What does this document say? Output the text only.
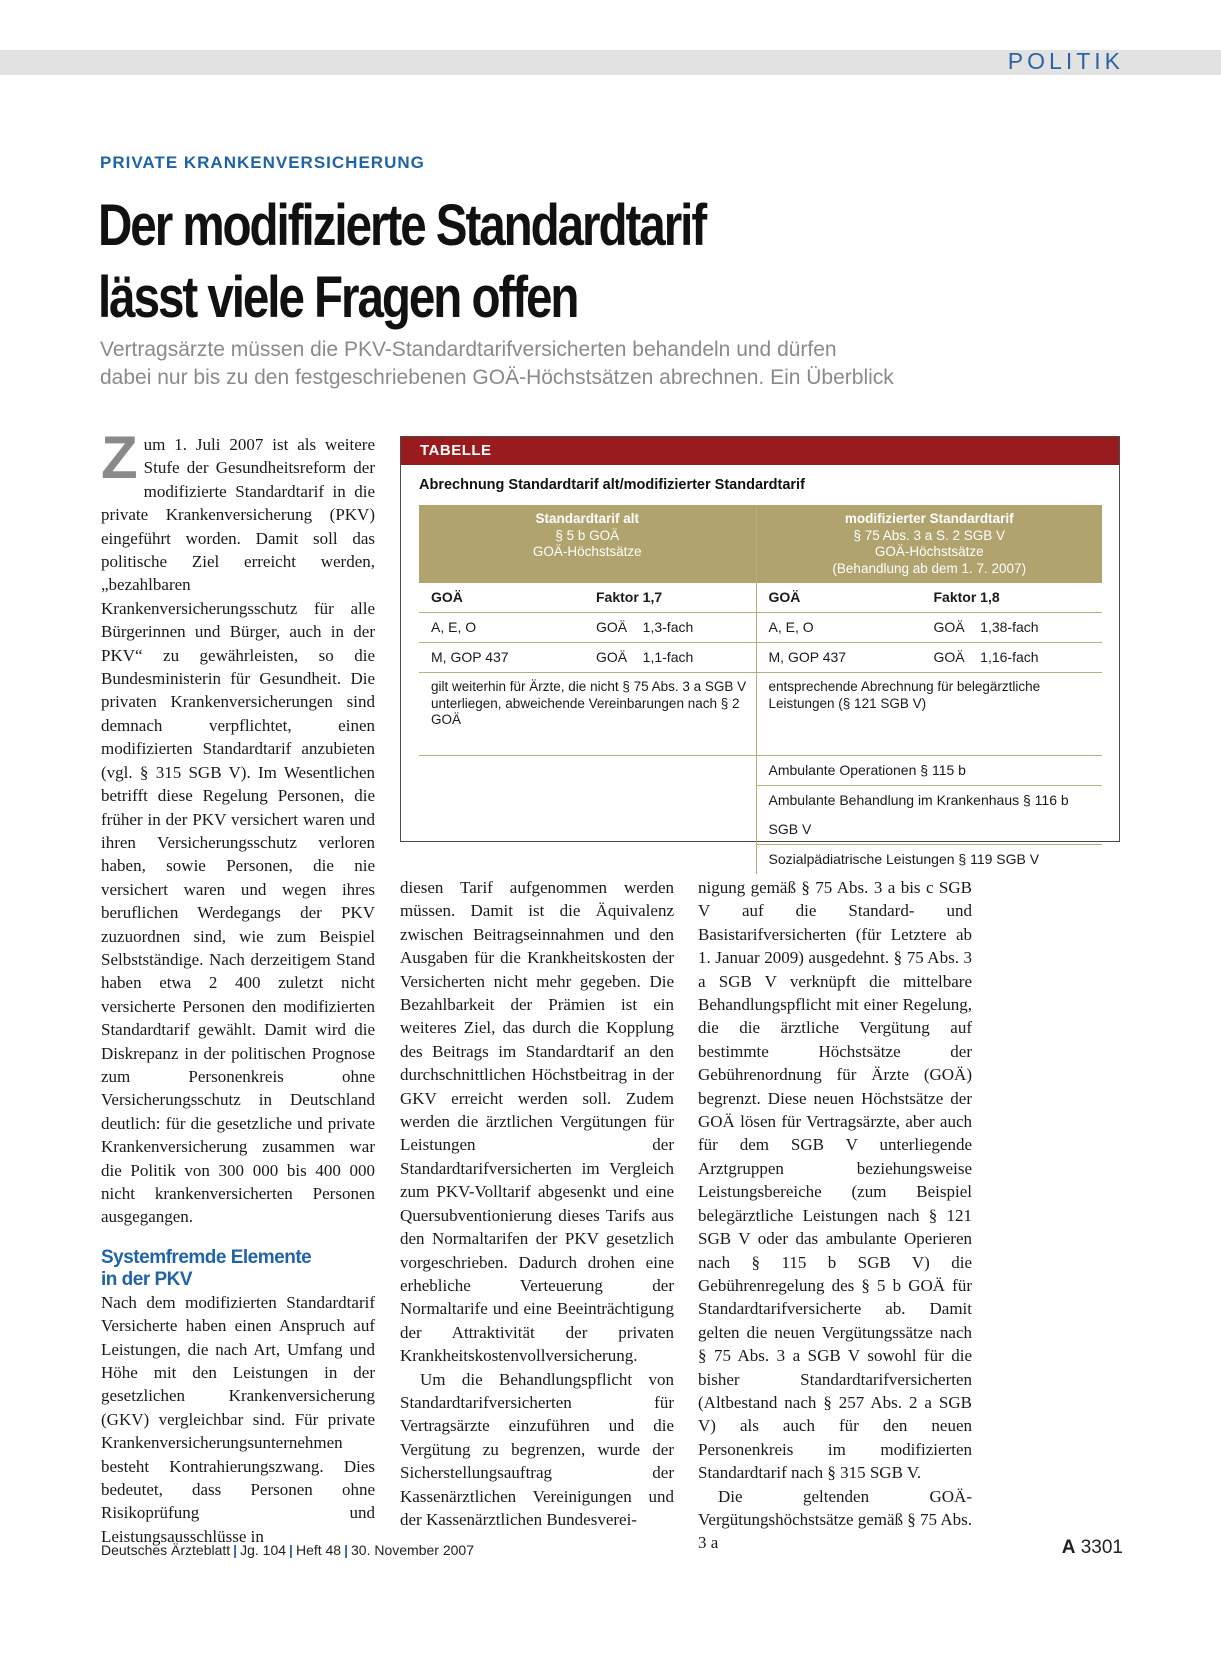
POLITIK
PRIVATE KRANKENVERSICHERUNG
Der modifizierte Standardtarif
lässt viele Fragen offen

Vertragsärzte müssen die PKV-Standardtarifversicherten behandeln und dürfen
dabei nur bis zu den festgeschriebenen GOÄ-Höchstsätzen abrechnen. Ein Überblick

Z um 1. Juli 2007 ist als weitere Stufe der Gesundheitsreform der modifizierte Standardtarif in die private Krankenversicherung (PKV) eingeführt worden. Damit soll das politische Ziel erreicht werden, „bezahlbaren Krankenversicherungsschutz für alle Bürgerinnen und Bürger, auch in der PKV“ zu gewährleisten, so die Bundesministerin für Gesundheit. Die privaten Krankenversicherungen sind demnach verpflichtet, einen modifizierten Standardtarif anzubieten (vgl. § 315 SGB V). Im Wesentlichen betrifft diese Regelung Personen, die früher in der PKV versichert waren und ihren Versicherungsschutz verloren haben, sowie Personen, die nie versichert waren und wegen ihres beruflichen Werdegangs der PKV zuzuordnen sind, wie zum Beispiel Selbstständige. Nach derzeitigem Stand haben etwa 2 400 zuletzt nicht versicherte Personen den modifizierten Standardtarif gewählt. Damit wird die Diskrepanz in der politischen Prognose zum Personenkreis ohne Versicherungsschutz in Deutschland deutlich: für die gesetzliche und private Krankenversicherung zusammen war die Politik von 300 000 bis 400 000 nicht krankenversicherten Personen ausgegangen.

Systemfremde Elemente
in der PKV

Nach dem modifizierten Standardtarif Versicherte haben einen Anspruch auf Leistungen, die nach Art, Umfang und Höhe mit den Leistungen in der gesetzlichen Krankenversicherung (GKV) vergleichbar sind. Für private Krankenversicherungsunternehmen besteht Kontrahierungszwang. Dies bedeutet, dass Personen ohne Risikoprüfung und Leistungsausschlüsse in

TABELLE
Abrechnung Standardtarif alt/modifizierter Standardtarif
Standardtarif alt
§ 5 b GOÄ
GOÄ-Höchstsätze	modifizierter Standardtarif
§ 75 Abs. 3 a S. 2 SGB V
GOÄ-Höchstsätze
(Behandlung ab dem 1. 7. 2007)

GOÄ Faktor 1,7	GOÄ Faktor 1,8

A, E, O GOÄ    1,3-fach	A, E, O GOÄ    1,38-fach

M, GOP 437 GOÄ    1,1-fach	M, GOP 437 GOÄ    1,16-fach

gilt weiterhin für Ärzte, die nicht § 75 Abs. 3 a SGB V unterliegen, abweichende Vereinbarungen nach § 2 GOÄ	entsprechende Abrechnung für belegärztliche Leistungen (§ 121 SGB V)
	Ambulante Operationen § 115 b
	Ambulante Behandlung im Krankenhaus § 116 b SGB V
	Sozialpädiatrische Leistungen § 119 SGB V

diesen Tarif aufgenommen werden müssen. Damit ist die Äquivalenz zwischen Beitragseinnahmen und den Ausgaben für die Krankheitskosten der Versicherten nicht mehr gegeben. Die Bezahlbarkeit der Prämien ist ein weiteres Ziel, das durch die Kopplung des Beitrags im Standardtarif an den durchschnittlichen Höchstbeitrag in der GKV erreicht werden soll. Zudem werden die ärztlichen Vergütungen für Leistungen der Standardtarifversicherten im Vergleich zum PKV-Volltarif abgesenkt und eine Quersubventionierung dieses Tarifs aus den Normaltarifen der PKV gesetzlich vorgeschrieben. Dadurch drohen eine erhebliche Verteuerung der Normaltarife und eine Beeinträchtigung der Attraktivität der privaten Krankheitskostenvollversicherung.

Um die Behandlungspflicht von Standardtarifversicherten für Vertragsärzte einzuführen und die Vergütung zu begrenzen, wurde der Sicherstellungsauftrag der Kassenärztlichen Vereinigungen und der Kassenärztlichen Bundesverei-

nigung gemäß § 75 Abs. 3 a bis c SGB V auf die Standard- und Basistarifversicherten (für Letztere ab 1. Januar 2009) ausgedehnt. § 75 Abs. 3 a SGB V verknüpft die mittelbare Behandlungspflicht mit einer Regelung, die die ärztliche Vergütung auf bestimmte Höchstsätze der Gebührenordnung für Ärzte (GOÄ) begrenzt. Diese neuen Höchstsätze der GOÄ lösen für Vertragsärzte, aber auch für dem SGB V unterliegende Arztgruppen beziehungsweise Leistungsbereiche (zum Beispiel belegärztliche Leistungen nach § 121 SGB V oder das ambulante Operieren nach § 115 b SGB V) die Gebührenregelung des § 5 b GOÄ für Standardtarifversicherte ab. Damit gelten die neuen Vergütungssätze nach § 75 Abs. 3 a SGB V sowohl für die bisher Standardtarifversicherten (Altbestand nach § 257 Abs. 2 a SGB V) als auch für den neuen Personenkreis im modifizierten Standardtarif nach § 315 SGB V.

Die geltenden GOÄ-Vergütungshöchstsätze gemäß § 75 Abs. 3 a

Deutsches Ärzteblatt | Jg. 104 | Heft 48 | 30. November 2007	A 3301
